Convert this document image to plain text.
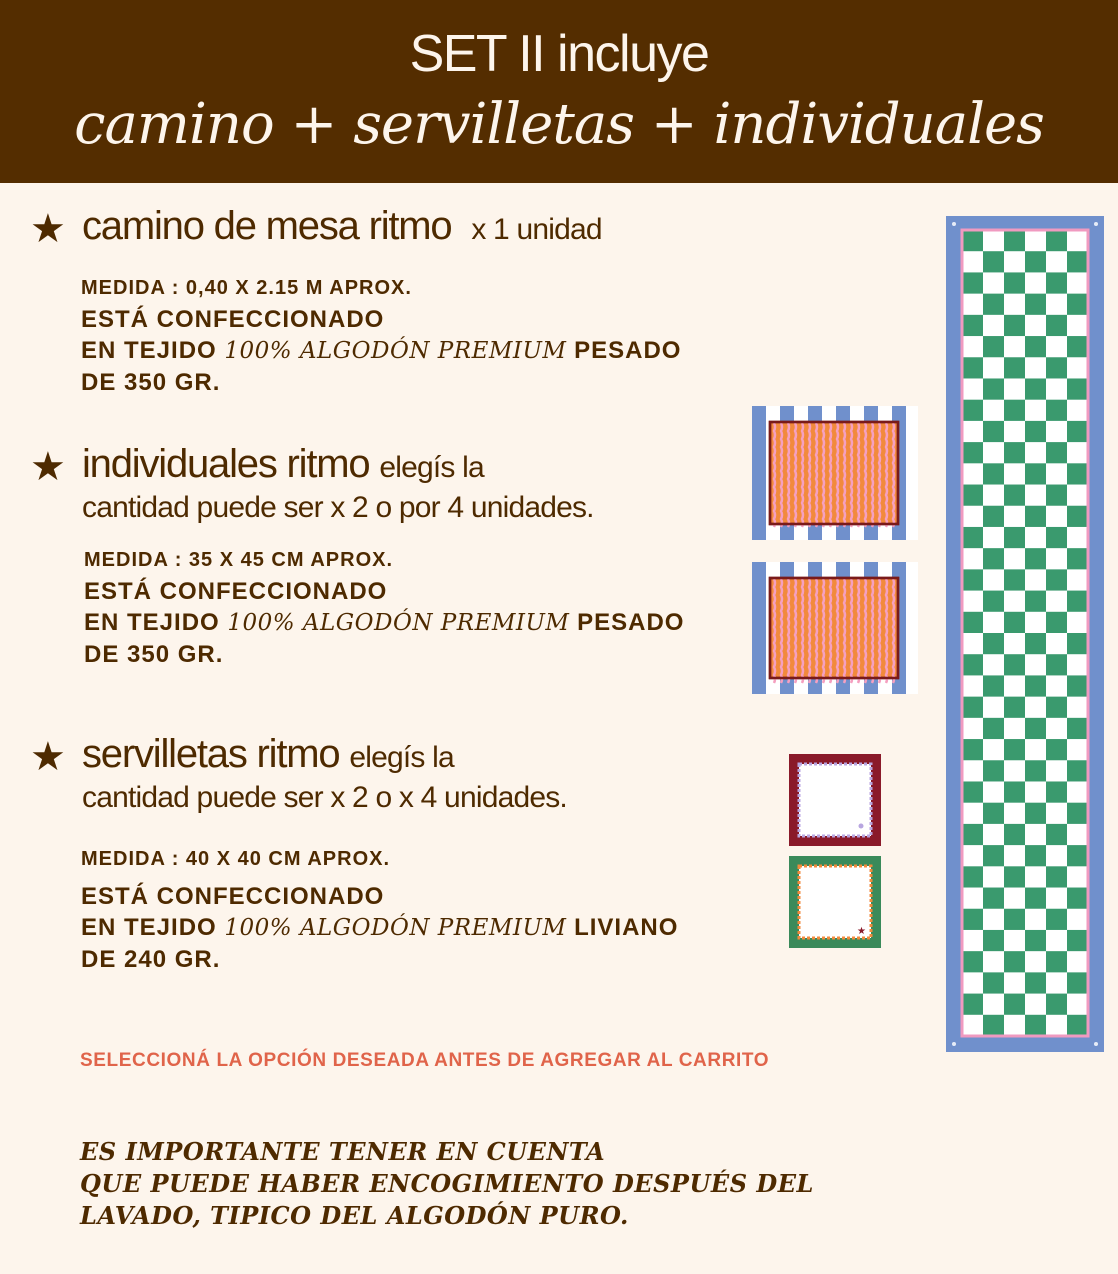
SET II incluye
camino + servilletas + individuales
★ camino de mesa ritmo x 1 unidad
MEDIDA : 0,40 X 2.15 M APROX.
ESTÁ CONFECCIONADO
EN TEJIDO 100% ALGODÓN PREMIUM PESADO
DE 350 GR.
★ individuales ritmo elegís la
cantidad puede ser x 2 o por 4 unidades.
MEDIDA : 35 X 45 CM APROX.
ESTÁ CONFECCIONADO
EN TEJIDO 100% ALGODÓN PREMIUM PESADO
DE 350 GR.
★ servilletas ritmo elegís la
cantidad puede ser x 2 o x 4 unidades.
MEDIDA : 40 X 40 CM APROX.
ESTÁ CONFECCIONADO
EN TEJIDO 100% ALGODÓN PREMIUM LIVIANO
DE 240 GR.
SELECCIONÁ LA OPCIÓN DESEADA ANTES DE AGREGAR AL CARRITO
ES IMPORTANTE TENER EN CUENTA
QUE PUEDE HABER ENCOGIMIENTO DESPUÉS DEL
LAVADO, TIPICO DEL ALGODÓN PURO.
★
